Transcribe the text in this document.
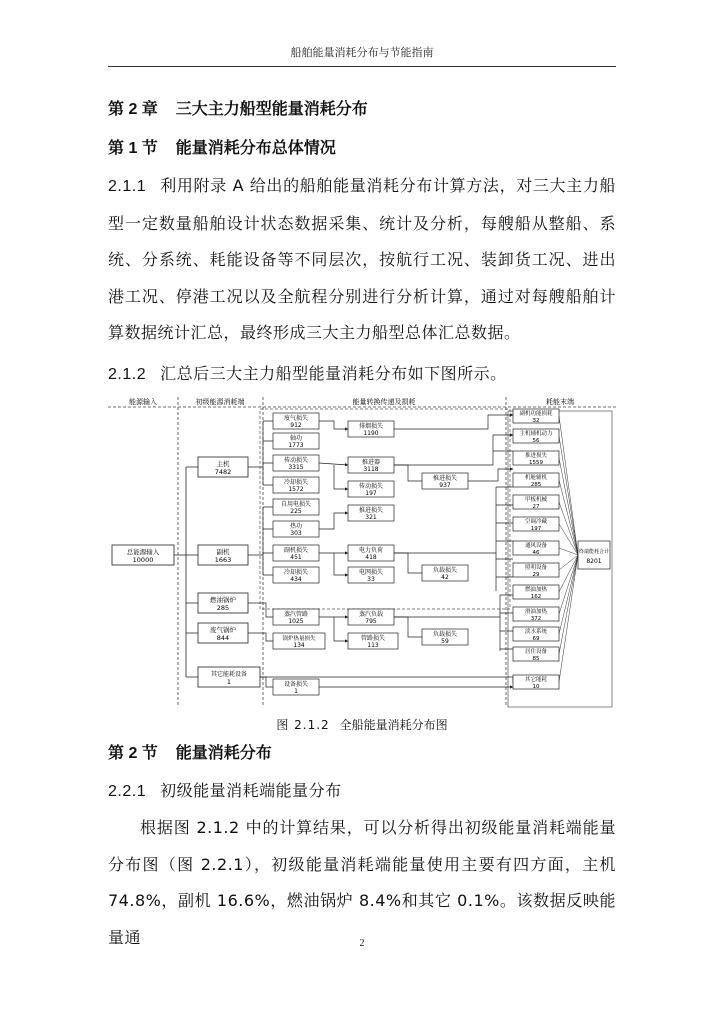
船舶能量消耗分布与节能指南
第 2 章 三大主力船型能量消耗分布
第 1 节 能量消耗分布总体情况
2.1.1 利用附录 A 给出的船舶能量消耗分布计算方法，对三大主力船型一定数量船舶设计状态数据采集、统计及分析，每艘船从整船、系统、分系统、耗能设备等不同层次，按航行工况、装卸货工况、进出港工况、停港工况以及全航程分别进行分析计算，通过对每艘船舶计算数据统计汇总，最终形成三大主力船型总体汇总数据。
2.1.2 汇总后三大主力船型能量消耗分布如下图所示。
能源输入	初级能源消耗端	能量转换传递及损耗	耗能末端
总能源输入
10000
主机
7482
副机
1663
燃油锅炉
285
废气锅炉
844
其它能耗设备
1
废气损失
912
轴功
1773
传动损失
3315
冷却损失
1572
自用电损失
225
热功
303
副机损失
451
冷却损失
434
蒸汽管路
1025
锅炉热量损失
134
设备损失
1
排烟损失
1190
推进器
3118
传动损失
197
推进损失
321
电力负荷
418
电网损失
33
蒸汽负载
795
管路损失
113
推进损失
937
负载损失
42
负载损失
59
副机功能损耗
32
主机辅机动力
56
推进损失
1559
机舱辅机
285
甲板机械
27
空调冷藏
197
通风设备
46
照明设备
29
燃油加热
162
滑油加热
372
淡水系统
69
居住设备
85
其它能耗
10
终端能耗合计
8201
图 2.1.2 全船能量消耗分布图
第 2 节 能量消耗分布
2.2.1 初级能量消耗端能量分布
根据图 2.1.2 中的计算结果，可以分析得出初级能量消耗端能量分布图（图 2.2.1），初级能量消耗端能量使用主要有四方面，主机 74.8%，副机 16.6%，燃油锅炉 8.4%和其它 0.1%。该数据反映能量通	2
